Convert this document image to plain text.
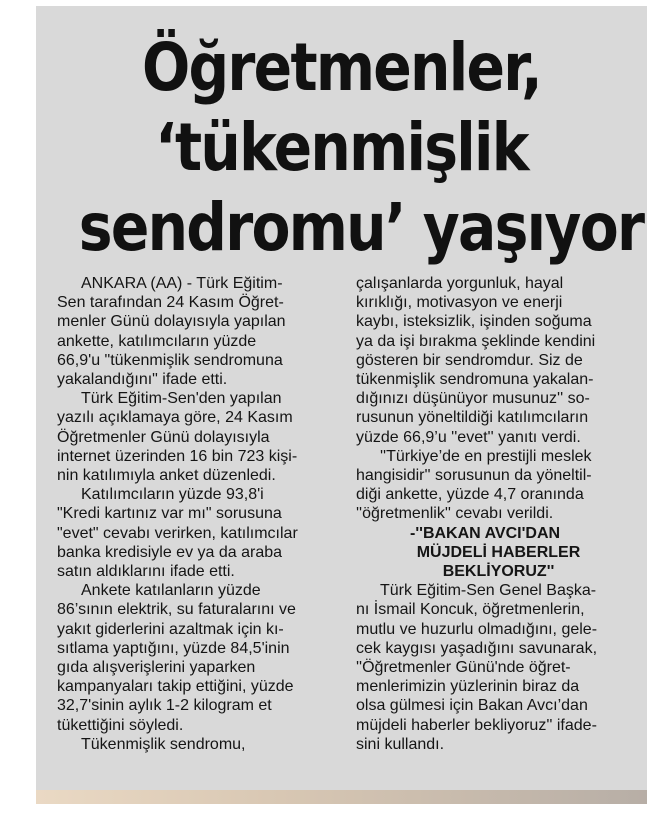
Öğretmenler,
‘tükenmişlik
sendromu’ yaşıyor

ANKARA (AA) - Türk Eğitim-

Sen tarafından 24 Kasım Öğret-

menler Günü dolayısıyla yapılan

ankette, katılımcıların yüzde

66,9'u "tükenmişlik sendromuna

yakalandığını" ifade etti.

Türk Eğitim-Sen'den yapılan

yazılı açıklamaya göre, 24 Kasım

Öğretmenler Günü dolayısıyla

internet üzerinden 16 bin 723 kişi-

nin katılımıyla anket düzenledi.

Katılımcıların yüzde 93,8'i

"Kredi kartınız var mı" sorusuna

"evet" cevabı verirken, katılımcılar

banka kredisiyle ev ya da araba

satın aldıklarını ifade etti.

Ankete katılanların yüzde

86’sının elektrik, su faturalarını ve

yakıt giderlerini azaltmak için kı-

sıtlama yaptığını, yüzde 84,5'inin

gıda alışverişlerini yaparken

kampanyaları takip ettiğini, yüzde

32,7'sinin aylık 1-2 kilogram et

tükettiğini söyledi.

Tükenmişlik sendromu,

çalışanlarda yorgunluk, hayal

kırıklığı, motivasyon ve enerji

kaybı, isteksizlik, işinden soğuma

ya da işi bırakma şeklinde kendini

gösteren bir sendromdur. Siz de

tükenmişlik sendromuna yakalan-

dığınızı düşünüyor musunuz'' so-

rusunun yöneltildiği katılımcıların

yüzde 66,9’u ''evet'' yanıtı verdi.

''Türkiye’de en prestijli meslek

hangisidir'' sorusunun da yöneltil-

diği ankette, yüzde 4,7 oranında

''öğretmenlik'' cevabı verildi.

-''BAKAN AVCI'DAN

MÜJDELİ HABERLER

BEKLİYORUZ''

Türk Eğitim-Sen Genel Başka-

nı İsmail Koncuk, öğretmenlerin,

mutlu ve huzurlu olmadığını, gele-

cek kaygısı yaşadığını savunarak,

''Öğretmenler Günü'nde öğret-

menlerimizin yüzlerinin biraz da

olsa gülmesi için Bakan Avcı’dan

müjdeli haberler bekliyoruz'' ifade-

sini kullandı.
